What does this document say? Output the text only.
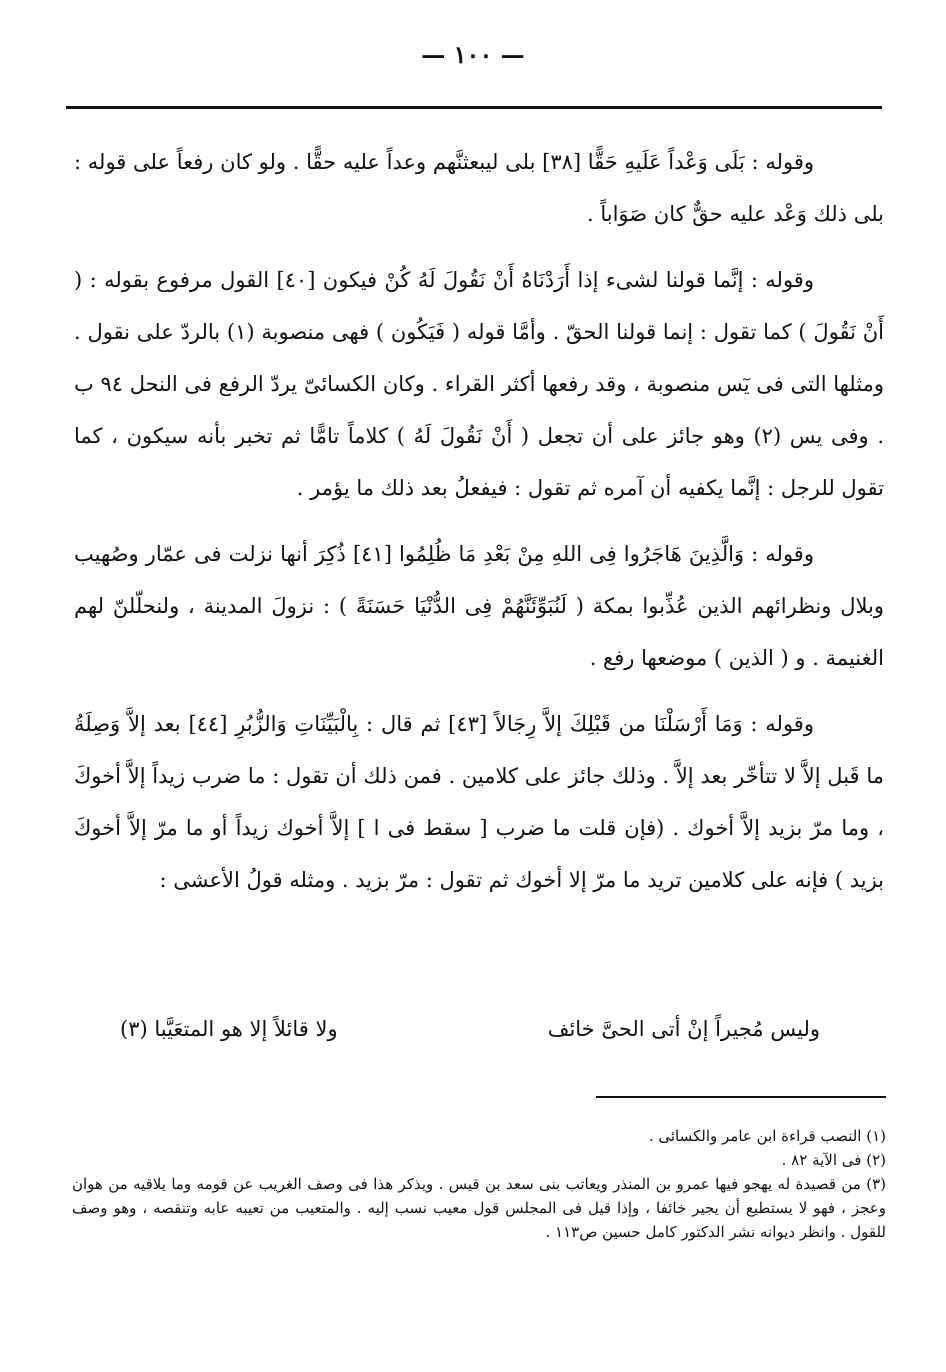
— ١٠٠ —

وقوله : بَلَى وَعْداً عَلَيهِ حَقًّا [٣٨] بلى ليبعثنَّهم وعداً عليه حقًّا . ولو كان رفعاً على قوله : بلى ذلك وَعْد عليه حقٌّ كان صَوَاباً .

وقوله : إنَّما قولنا لشىء إذا أَرَدْنَاهُ أَنْ نَقُولَ لَهُ كُنْ فيكون [٤٠] القول مرفوع بقوله : ( أَنْ نَقُولَ ) كما تقول : إنما قولنا الحقّ . وأمَّا قوله ( فَيَكُون ) فهى منصوبة (١) بالردّ على نقول . ومثلها التى فى يٓس منصوبة ، وقد رفعها أكثر القراء . وكان الكسائىّ يردّ الرفع فى النحل ٩٤ ب . وفى يس (٢) وهو جائز على أن تجعل ( أَنْ نَقُولَ لَهُ ) كلاماً تامًّا ثم تخبر بأنه سيكون ، كما تقول للرجل : إنَّما يكفيه أن آمره ثم تقول : فيفعلُ بعد ذلك ما يؤمر .

وقوله : وَالَّذِينَ هَاجَرُوا فِى اللهِ مِنْ بَعْدِ مَا ظُلِمُوا [٤١] ذُكِرَ أنها نزلت فى عمّار وصُهيب وبلال ونظرائهم الذين عُذِّبوا بمكة ( لَنُبَوِّئَنَّهُمْ فِى الدُّنْيَا حَسَنَةً ) : نزولَ المدينة ، ولنحلّلنّ لهم الغنيمة . و ( الذين ) موضعها رفع .

وقوله : وَمَا أَرْسَلْنَا من قَبْلِكَ إلاَّ رِجَالاً [٤٣] ثم قال : بِالْبَيِّنَاتِ وَالزُّبُرِ [٤٤] بعد إلاَّ وَصِلَةُ ما قَبل إلاَّ لا تتأخّر بعد إلاَّ . وذلك جائز على كلامين . فمن ذلك أن تقول : ما ضرب زيداً إلاَّ أخوكَ ، وما مرّ بزيد إلاَّ أخوك . (فإن قلت ما ضرب [ سقط فى ا ] إلاَّ أخوك زيداً أو ما مرّ إلاَّ أخوكَ بزيد ) فإنه على كلامين تريد ما مرّ إلا أخوك ثم تقول : مرّ بزيد . ومثله قولُ الأعشى :

وليس مُجيراً إنْ أتى الحىَّ خائف
ولا قائلاً إلا هو المتعَيَّبا (٣)

(١) النصب قراءة ابن عامر والكسائى .

(٢) فى الآية ٨٢ .

(٣) من قصيدة له يهجو فيها عمرو بن المنذر ويعاتب بنى سعد بن قيس . ويذكر هذا فى وصف الغريب عن قومه وما يلاقيه من هوان وعجز ، فهو لا يستطيع أن يجير خائفا ، وإذا قيل فى المجلس قول معيب نسب إليه . والمتعيب من تعيبه عابه وتنقصه ، وهو وصف للقول . وانظر ديوانه نشر الدكتور كامل حسين ص١١٣ .
